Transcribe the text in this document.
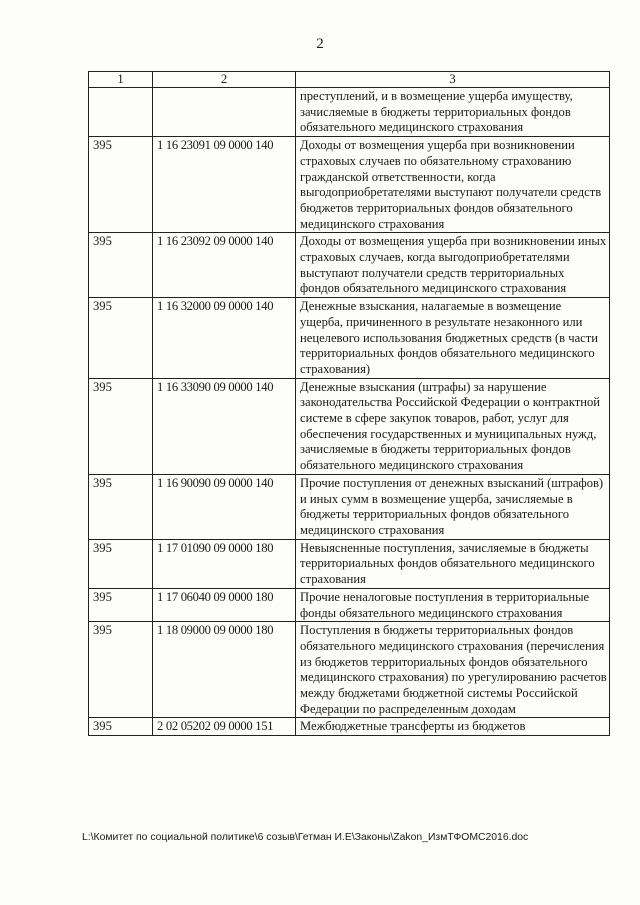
2
1	2	3
		преступлений, и в возмещение ущерба имуществу, зачисляемые в бюджеты территориальных фондов обязательного медицинского страхования
395	1 16 23091 09 0000 140	Доходы от возмещения ущерба при возникновении страховых случаев по обязательному страхованию гражданской ответственности, когда выгодоприобретателями выступают получатели средств бюджетов территориальных фондов обязательного медицинского страхования
395	1 16 23092 09 0000 140	Доходы от возмещения ущерба при возникновении иных страховых случаев, когда выгодоприобретателями выступают получатели средств территориальных фондов обязательного медицинского страхования
395	1 16 32000 09 0000 140	Денежные взыскания, налагаемые в возмещение ущерба, причиненного в результате незаконного или нецелевого использования бюджетных средств (в части территориальных фондов обязательного медицинского страхования)
395	1 16 33090 09 0000 140	Денежные взыскания (штрафы) за нарушение законодательства Российской Федерации о контрактной системе в сфере закупок товаров, работ, услуг для обеспечения государственных и муниципальных нужд, зачисляемые в бюджеты территориальных фондов обязательного медицинского страхования
395	1 16 90090 09 0000 140	Прочие поступления от денежных взысканий (штрафов) и иных сумм в возмещение ущерба, зачисляемые в бюджеты территориальных фондов обязательного медицинского страхования
395	1 17 01090 09 0000 180	Невыясненные поступления, зачисляемые в бюджеты территориальных фондов обязательного медицинского страхования
395	1 17 06040 09 0000 180	Прочие неналоговые поступления в территориальные фонды обязательного медицинского страхования
395	1 18 09000 09 0000 180	Поступления в бюджеты территориальных фондов обязательного медицинского страхования (перечисления из бюджетов территориальных фондов обязательного медицинского страхования) по урегулированию расчетов между бюджетами бюджетной системы Российской Федерации по распределенным доходам
395	2 02 05202 09 0000 151	Межбюджетные трансферты из бюджетов
L:\Комитет по социальной политике\6 созыв\Гетман И.Е\Законы\Zakon_ИзмТФОМС2016.doc
